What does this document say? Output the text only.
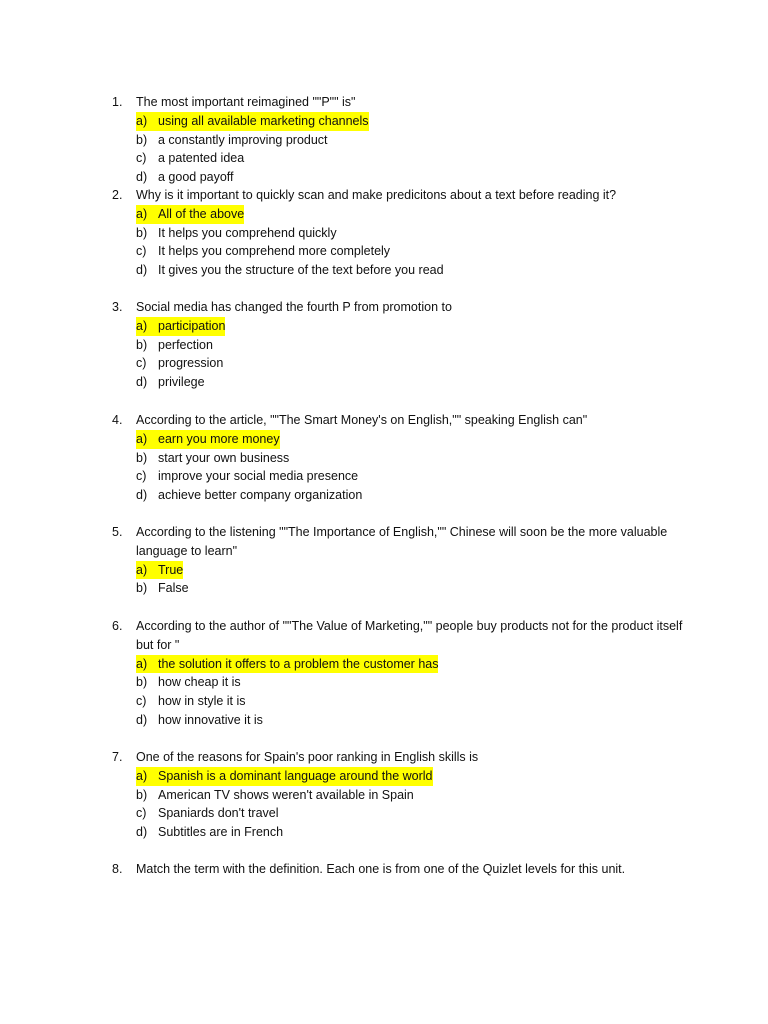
1.	The most important reimagined ""P"" is"
a) using all available marketing channels
b) a constantly improving product
c) a patented idea
d) a good payoff
2.	Why is it important to quickly scan and make predicitons about a text before reading it?
a) All of the above
b) It helps you comprehend quickly
c) It helps you comprehend more completely
d) It gives you the structure of the text before you read
3.	Social media has changed the fourth P from promotion to
a) participation
b) perfection
c) progression
d) privilege
4.	According to the article, ""The Smart Money's on English,"" speaking English can"
a) earn you more money
b) start your own business
c) improve your social media presence
d) achieve better company organization
5.	According to the listening ""The Importance of English,"" Chinese will soon be the more valuable language to learn"
a) True
b) False
6.	According to the author of ""The Value of Marketing,"" people buy products not for the product itself but for "
a) the solution it offers to a problem the customer has
b) how cheap it is
c) how in style it is
d) how innovative it is
7.	One of the reasons for Spain's poor ranking in English skills is
a) Spanish is a dominant language around the world
b) American TV shows weren't available in Spain
c) Spaniards don't travel
d) Subtitles are in French
8.	Match the term with the definition. Each one is from one of the Quizlet levels for this unit.
